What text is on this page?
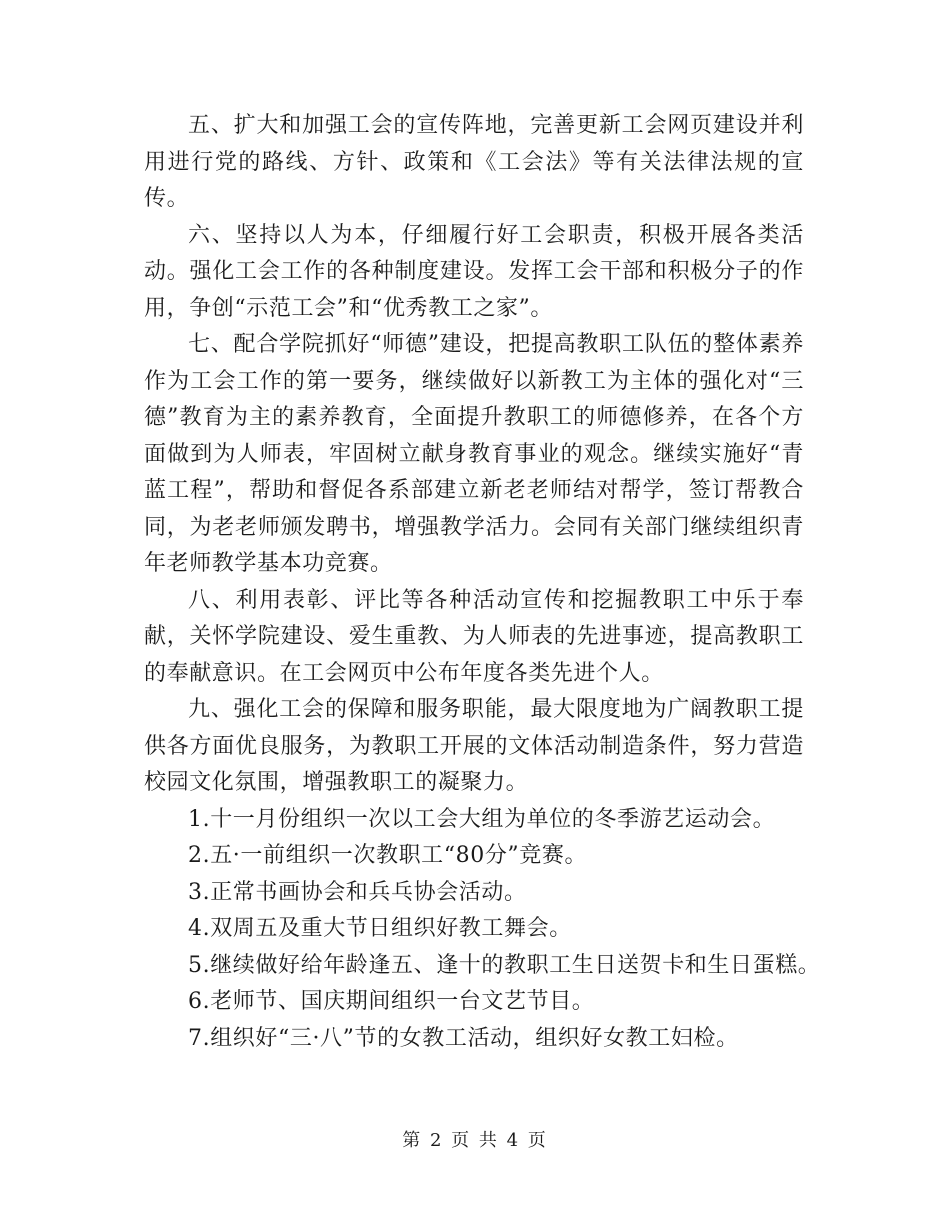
五、扩大和加强工会的宣传阵地，完善更新工会网页建设并利用进行党的路线、方针、政策和《工会法》等有关法律法规的宣传。

六、坚持以人为本，仔细履行好工会职责，积极开展各类活动。强化工会工作的各种制度建设。发挥工会干部和积极分子的作用，争创“示范工会”和“优秀教工之家”。

七、配合学院抓好“师德”建设，把提高教职工队伍的整体素养作为工会工作的第一要务，继续做好以新教工为主体的强化对“三德”教育为主的素养教育，全面提升教职工的师德修养，在各个方面做到为人师表，牢固树立献身教育事业的观念。继续实施好“青蓝工程”，帮助和督促各系部建立新老老师结对帮学，签订帮教合同，为老老师颁发聘书，增强教学活力。会同有关部门继续组织青年老师教学基本功竞赛。

八、利用表彰、评比等各种活动宣传和挖掘教职工中乐于奉献，关怀学院建设、爱生重教、为人师表的先进事迹，提高教职工的奉献意识。在工会网页中公布年度各类先进个人。

九、强化工会的保障和服务职能，最大限度地为广阔教职工提供各方面优良服务，为教职工开展的文体活动制造条件，努力营造校园文化氛围，增强教职工的凝聚力。

1.十一月份组织一次以工会大组为单位的冬季游艺运动会。

2.五·一前组织一次教职工“80分”竞赛。

3.正常书画协会和兵乓协会活动。

4.双周五及重大节日组织好教工舞会。

5.继续做好给年龄逢五、逢十的教职工生日送贺卡和生日蛋糕。

6.老师节、国庆期间组织一台文艺节目。

7.组织好“三·八”节的女教工活动，组织好女教工妇检。

第 2 页 共 4 页
